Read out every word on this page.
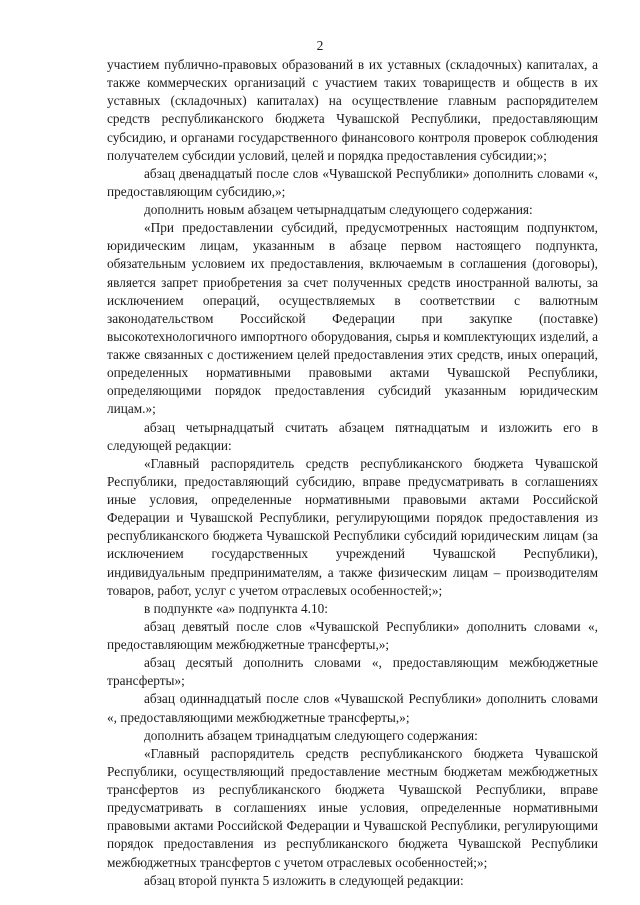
2

участием публично-правовых образований в их уставных (складочных) капиталах, а также коммерческих организаций с участием таких товариществ и обществ в их уставных (складочных) капиталах) на осуществление главным распорядителем средств республиканского бюджета Чувашской Республики, предоставляющим субсидию, и органами государственного финансового контроля проверок соблюдения получателем субсидии условий, целей и порядка предоставления субсидии;»;

абзац двенадцатый после слов «Чувашской Республики» дополнить словами «, предоставляющим субсидию,»;

дополнить новым абзацем четырнадцатым следующего содержания:

«При предоставлении субсидий, предусмотренных настоящим подпунктом, юридическим лицам, указанным в абзаце первом настоящего подпункта, обязательным условием их предоставления, включаемым в соглашения (договоры), является запрет приобретения за счет полученных средств иностранной валюты, за исключением операций, осуществляемых в соответствии с валютным законодательством Российской Федерации при закупке (поставке) высокотехнологичного импортного оборудования, сырья и комплектующих изделий, а также связанных с достижением целей предоставления этих средств, иных операций, определенных нормативными правовыми актами Чувашской Республики, определяющими порядок предоставления субсидий указанным юридическим лицам.»;

абзац четырнадцатый считать абзацем пятнадцатым и изложить его в следующей редакции:

«Главный распорядитель средств республиканского бюджета Чувашской Республики, предоставляющий субсидию, вправе предусматривать в соглашениях иные условия, определенные нормативными правовыми актами Российской Федерации и Чувашской Республики, регулирующими порядок предоставления из республиканского бюджета Чувашской Республики субсидий юридическим лицам (за исключением государственных учреждений Чувашской Республики), индивидуальным предпринимателям, а также физическим лицам – производителям товаров, работ, услуг с учетом отраслевых особенностей;»;

в подпункте «а» подпункта 4.10:

абзац девятый после слов «Чувашской Республики» дополнить словами «, предоставляющим межбюджетные трансферты,»;

абзац десятый дополнить словами «, предоставляющим межбюджетные трансферты»;

абзац одиннадцатый после слов «Чувашской Республики» дополнить словами «, предоставляющими межбюджетные трансферты,»;

дополнить абзацем тринадцатым следующего содержания:

«Главный распорядитель средств республиканского бюджета Чувашской Республики, осуществляющий предоставление местным бюджетам межбюджетных трансфертов из республиканского бюджета Чувашской Республики, вправе предусматривать в соглашениях иные условия, определенные нормативными правовыми актами Российской Федерации и Чувашской Республики, регулирующими порядок предоставления из республиканского бюджета Чувашской Республики межбюджетных трансфертов с учетом отраслевых особенностей;»;

абзац второй пункта 5 изложить в следующей редакции:
